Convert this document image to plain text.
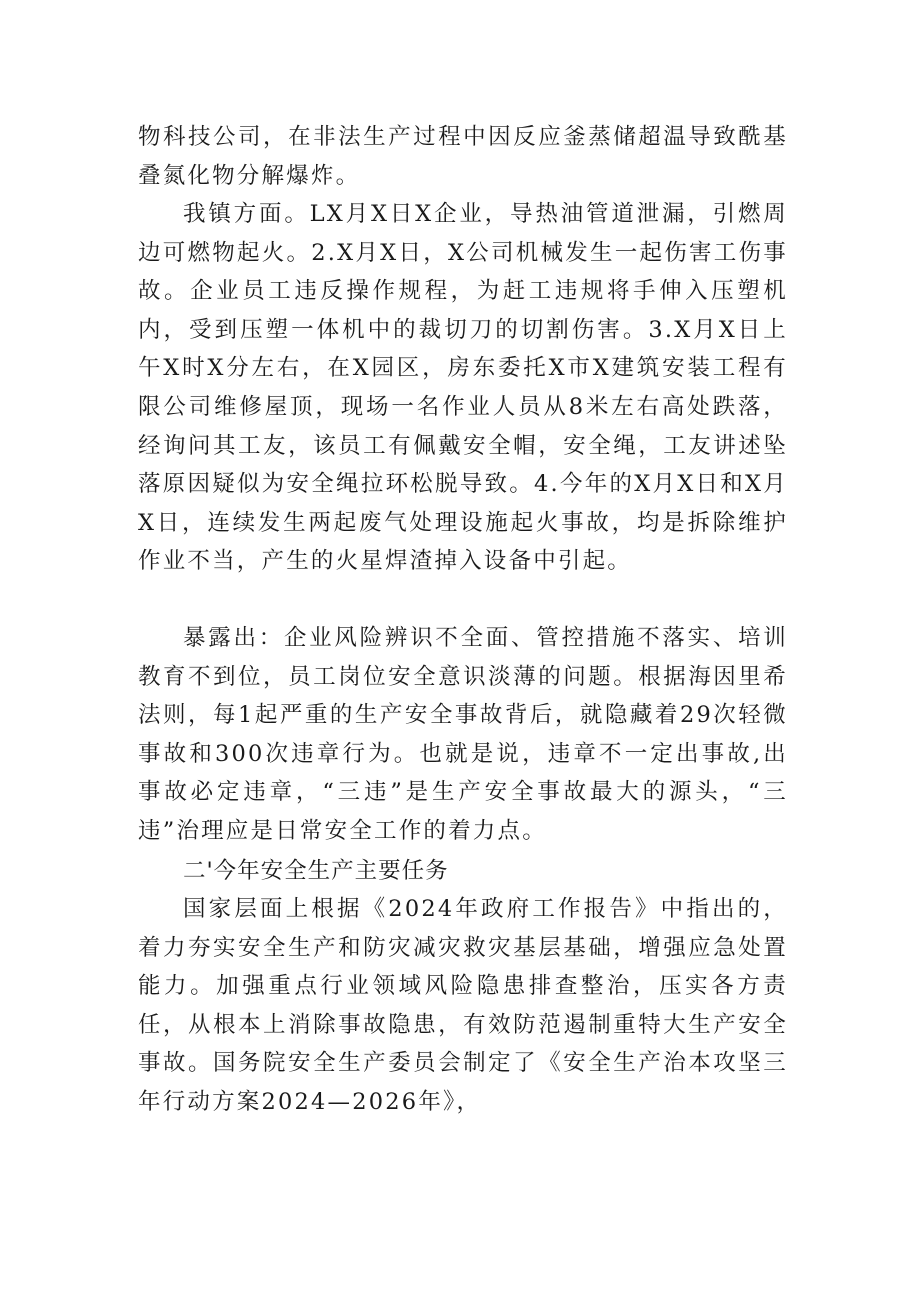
物科技公司，在非法生产过程中因反应釜蒸储超温导致酰基叠氮化物分解爆炸。

我镇方面。LX月X日X企业，导热油管道泄漏，引燃周边可燃物起火。2.X月X日，X公司机械发生一起伤害工伤事故。企业员工违反操作规程，为赶工违规将手伸入压塑机内，受到压塑一体机中的裁切刀的切割伤害。3.X月X日上午X时X分左右，在X园区，房东委托X市X建筑安装工程有限公司维修屋顶，现场一名作业人员从8米左右高处跌落，经询问其工友，该员工有佩戴安全帽，安全绳，工友讲述坠落原因疑似为安全绳拉环松脱导致。4.今年的X月X日和X月X日，连续发生两起废气处理设施起火事故，均是拆除维护作业不当，产生的火星焊渣掉入设备中引起。

暴露出：企业风险辨识不全面、管控措施不落实、培训教育不到位，员工岗位安全意识淡薄的问题。根据海因里希法则，每1起严重的生产安全事故背后，就隐藏着29次轻微事故和300次违章行为。也就是说，违章不一定出事故,出事故必定违章，“三违”是生产安全事故最大的源头，“三违”治理应是日常安全工作的着力点。

二'今年安全生产主要任务

国家层面上根据《2024年政府工作报告》中指出的，着力夯实安全生产和防灾减灾救灾基层基础，增强应急处置能力。加强重点行业领域风险隐患排查整治，压实各方责任，从根本上消除事故隐患，有效防范遏制重特大生产安全事故。国务院安全生产委员会制定了《安全生产治本攻坚三年行动方案2024—2026年》，
